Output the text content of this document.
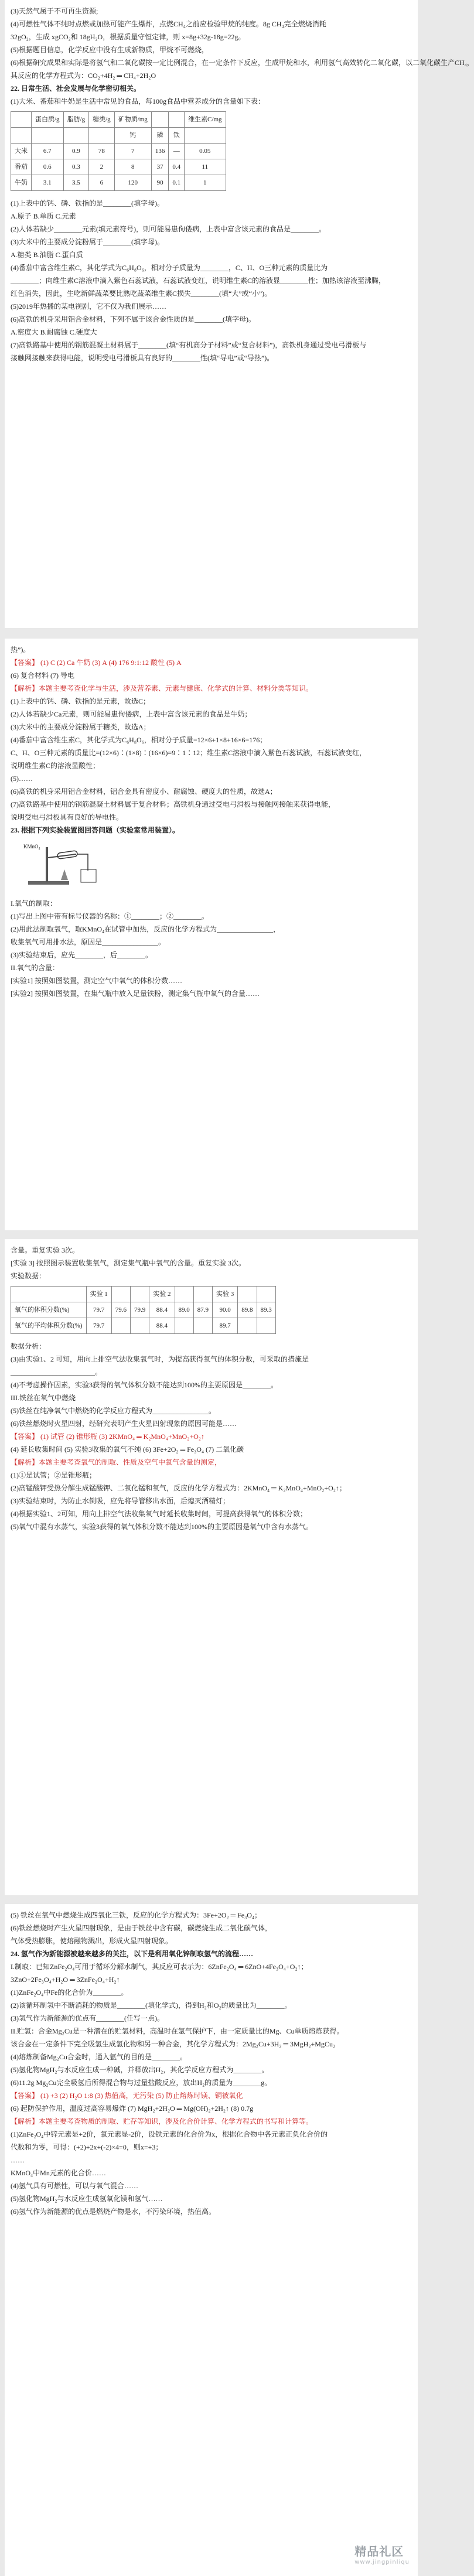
(3)天然气属于不可再生资源;
(4)可燃性气体不纯时点燃或加热可能产生爆炸，点燃CH₄之前应检验甲烷的纯度。8g CH₄完全燃烧消耗
32gO₂，生成 xgCO₂和 18gH₂O，根据质量守恒定律，则 x=8g+32g-18g=22g。
(5)根据题目信息，化学反应中没有生成新物质，甲烷不可燃烧，
(6)根据研究成果和实际是将氢气和二氧化碳按一定比例混合，在一定条件下反应，生成甲烷和水，利用氢气高效转化二氧化碳，以二氧化碳生产CH₄，
其反应的化学方程式为：CO₂+4H₂ ═ CH₄+2H₂O
22. 日常生活、社会发展与化学密切相关。
(1)大米、番茄和牛奶是生活中常见的食品，每100g食品中营养成分的含量如下表：
	蛋白质/g	脂肪/g	糖类/g	矿物质/mg			维生素C/mg
				钙	磷	铁	
大米	6.7	0.9	78	7	136	—	0.05
番茄	0.6	0.3	2	8	37	0.4	11
牛奶	3.1	3.5	6	120	90	0.1	1
(1)上表中的钙、磷、铁指的是________(填字母)。
A.原子 B.单质 C.元素
(2)人体若缺少________元素(填元素符号)，则可能易患佝偻病，上表中富含该元素的食品是________。
(3)大米中的主要成分淀粉属于________(填字母)。
A.糖类 B.油脂 C.蛋白质
(4)番茄中富含维生素C，其化学式为C₆H₈O₆，相对分子质量为________，C、H、O三种元素的质量比为
________；向维生素C溶液中滴入紫色石蕊试液，石蕊试液变红，说明维生素C的溶液显________性；加热该溶液至沸腾，
红色消失，因此，生吃新鲜蔬菜要比熟吃蔬菜维生素C损失________(填“大”或“小”)。
(5)2019年热播的某电视剧，它不仅为我们展示……
(6)高铁的机身采用铝合金材料，下列不属于该合金性质的是________(填字母)。
A.密度大 B.耐腐蚀 C.硬度大
(7)高铁路基中使用的钢筋混凝土材料属于________(填“有机高分子材料”或“复合材料”)，高铁机身通过受电弓滑板与
接触网接触来获得电能，说明受电弓滑板具有良好的________性(填“导电”或“导热”)。
热”)。
【答案】 (1) C (2) Ca 牛奶 (3) A (4) 176 9:1:12 酸性 (5) A
(6) 复合材料 (7) 导电
【解析】本题主要考查化学与生活，涉及营养素、元素与健康、化学式的计算、材料分类等知识。
(1)上表中的钙、磷、铁指的是元素，故选C；
(2)人体若缺少Ca元素，则可能易患佝偻病，上表中富含该元素的食品是牛奶；
(3)大米中的主要成分淀粉属于糖类，故选A；
(4)番茄中富含维生素C，其化学式为C₆H₈O₆，相对分子质量=12×6+1×8+16×6=176；
C、H、O三种元素的质量比=(12×6)∶(1×8)∶(16×6)=9∶1∶12；维生素C溶液中滴入紫色石蕊试液，石蕊试液变红，
说明维生素C的溶液显酸性；
(5)……
(6)高铁的机身采用铝合金材料，铝合金具有密度小、耐腐蚀、硬度大的性质，故选A；
(7)高铁路基中使用的钢筋混凝土材料属于复合材料；高铁机身通过受电弓滑板与接触网接触来获得电能，
说明受电弓滑板具有良好的导电性。
23. 根据下列实验装置图回答问题（实验室常用装置）。
KMnO₄
I.氧气的制取：
(1)写出上图中带有标号仪器的名称：①________；②________。
(2)用此法制取氧气，取KMnO₄在试管中加热，反应的化学方程式为________________，
收集氧气可用排水法，原因是________________。
(3)实验结束后，应先________，后________。
II.氧气的含量：
[实验1] 按照如图装置，测定空气中氧气的体积分数……
[实验2] 按照如图装置，在集气瓶中放入足量铁粉，测定集气瓶中氧气的含量……
含量。重复实验 3次。
[实验 3] 按照图示装置收集氧气，测定集气瓶中氧气的含量。重复实验 3次。
实验数据：
	实验 1			实验 2			实验 3		
氧气的体积分数(%)	79.7	79.6	79.9	88.4	89.0	87.9	90.0	89.8	89.3
氧气的平均体积分数(%)	79.7			88.4			89.7		
数据分析：
(3)由实验1、2 可知，用向上排空气法收集氧气时，为提高获得氧气的体积分数，可采取的措施是
________________________。
(4)不考虑操作因素，实验3获得的氧气体积分数不能达到100%的主要原因是________。
III.铁丝在氧气中燃烧
(5)铁丝在纯净氧气中燃烧的化学反应方程式为________________。
(6)铁丝燃烧时火星四射，经研究表明产生火星四射现象的原因可能是……
【答案】 (1) 试管 (2) 锥形瓶 (3) 2KMnO₄ ═ K₂MnO₄+MnO₂+O₂↑
(4) 延长收集时间 (5) 实验3收集的氧气不纯 (6) 3Fe+2O₂ ═ Fe₃O₄ (7) 二氧化碳
【解析】本题主要考查氧气的制取、性质及空气中氧气含量的测定，
(1)①是试管；②是锥形瓶；
(2)高锰酸钾受热分解生成锰酸钾、二氧化锰和氧气，反应的化学方程式为：2KMnO₄ ═ K₂MnO₄+MnO₂+O₂↑；
(3)实验结束时，为防止水倒吸，应先将导管移出水面，后熄灭酒精灯；
(4)根据实验1、2可知，用向上排空气法收集氧气时延长收集时间，可提高获得氧气的体积分数；
(5)氧气中混有水蒸气，实验3获得的氧气体积分数不能达到100%的主要原因是氧气中含有水蒸气。
(5) 铁丝在氧气中燃烧生成四氧化三铁，反应的化学方程式为：3Fe+2O₂ ═ Fe₃O₄；
(6)铁丝燃烧时产生火星四射现象，是由于铁丝中含有碳，碳燃烧生成二氧化碳气体，
气体受热膨胀，使熔融物溅出，形成火星四射现象。
24. 氢气作为新能源被越来越多的关注，以下是利用氧化锌制取氢气的流程……
I.制取：已知ZnFe₂O₄可用于循环分解水制气，其反应可表示为：6ZnFe₂O₄ ═ 6ZnO+4Fe₃O₄+O₂↑；
3ZnO+2Fe₃O₄+H₂O ═ 3ZnFe₂O₄+H₂↑
(1)ZnFe₂O₄中Fe的化合价为________。
(2)该循环制氢中不断消耗的物质是________(填化学式)，得到H₂和O₂的质量比为________。
(3)氢气作为新能源的优点有________(任写一点)。
II.贮氢：合金Mg₂Cu是一种潜在的贮氢材料，高温时在氩气保护下，由一定质量比的Mg、Cu单质熔炼获得。
该合金在一定条件下完全吸氢生成氢化物和另一种合金，其化学方程式为：2Mg₂Cu+3H₂ ═ 3MgH₂+MgCu₂
(4)熔炼制备Mg₂Cu合金时，通入氩气的目的是________。
(5)氢化物MgH₂与水反应生成一种碱，并释放出H₂，其化学反应方程式为________。
(6)11.2g Mg₂Cu完全吸氢后所得混合物与过量盐酸反应，放出H₂的质量为________g。
【答案】 (1) +3 (2) H₂O 1:8 (3) 热值高，无污染 (5) 防止熔炼时镁、铜被氧化
(6) 起防保护作用，温度过高容易爆炸 (7) MgH₂+2H₂O ═ Mg(OH)₂+2H₂↑ (8) 0.7g
【解析】本题主要考查物质的制取、贮存等知识，涉及化合价计算、化学方程式的书写和计算等。
(1)ZnFe₂O₄中锌元素显+2价，氧元素显-2价，设铁元素的化合价为x，根据化合物中各元素正负化合价的
代数和为零，可得：(+2)+2x+(-2)×4=0，则x=+3；
……
KMnO₄中Mn元素的化合价……
(4)氢气具有可燃性，可以与氧气混合……
(5)氢化物MgH₂与水反应生成氢氧化镁和氢气……
(6)氢气作为新能源的优点是燃烧产物是水，不污染环境，热值高。
精品礼区
www.jingpinliqu
